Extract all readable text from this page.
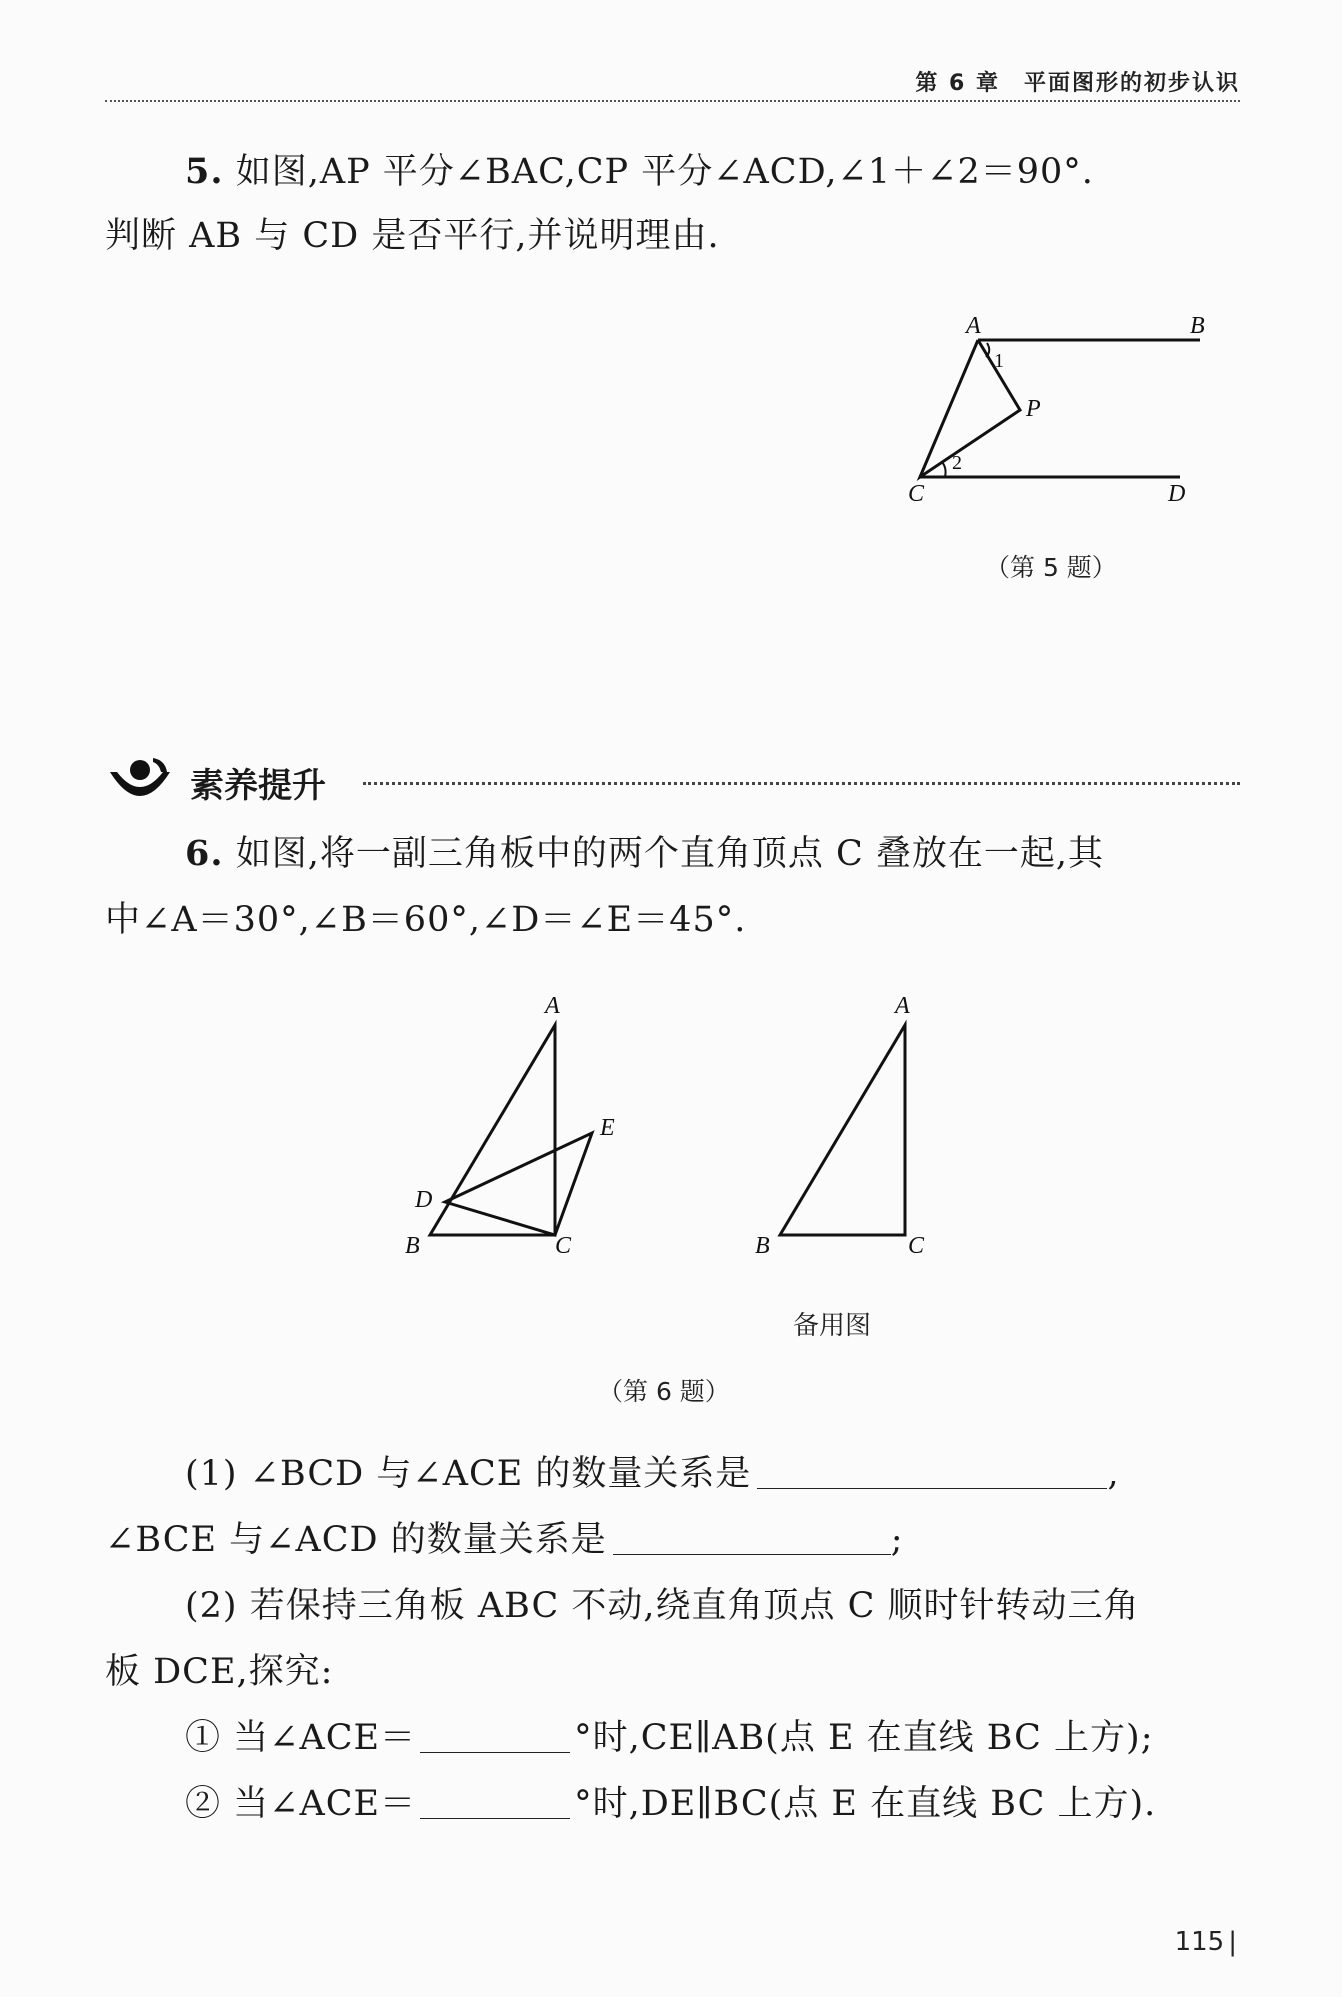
第 6 章　平面图形的初步认识
5. 如图,AP 平分∠BAC,CP 平分∠ACD,∠1＋∠2＝90°.
判断 AB 与 CD 是否平行,并说明理由.
A	B
C	D
P
1
2
（第 5 题）
素养提升
6. 如图,将一副三角板中的两个直角顶点 C 叠放在一起,其
中∠A＝30°,∠B＝60°,∠D＝∠E＝45°.
A
E
D
B	C
A
B	C
备用图
（第 6 题）
(1) ∠BCD 与∠ACE 的数量关系是	,
∠BCE 与∠ACD 的数量关系是	;
(2) 若保持三角板 ABC 不动,绕直角顶点 C 顺时针转动三角
板 DCE,探究:
① 当∠ACE＝	°时,CE∥AB(点 E 在直线 BC 上方);
② 当∠ACE＝	°时,DE∥BC(点 E 在直线 BC 上方).
115 |
